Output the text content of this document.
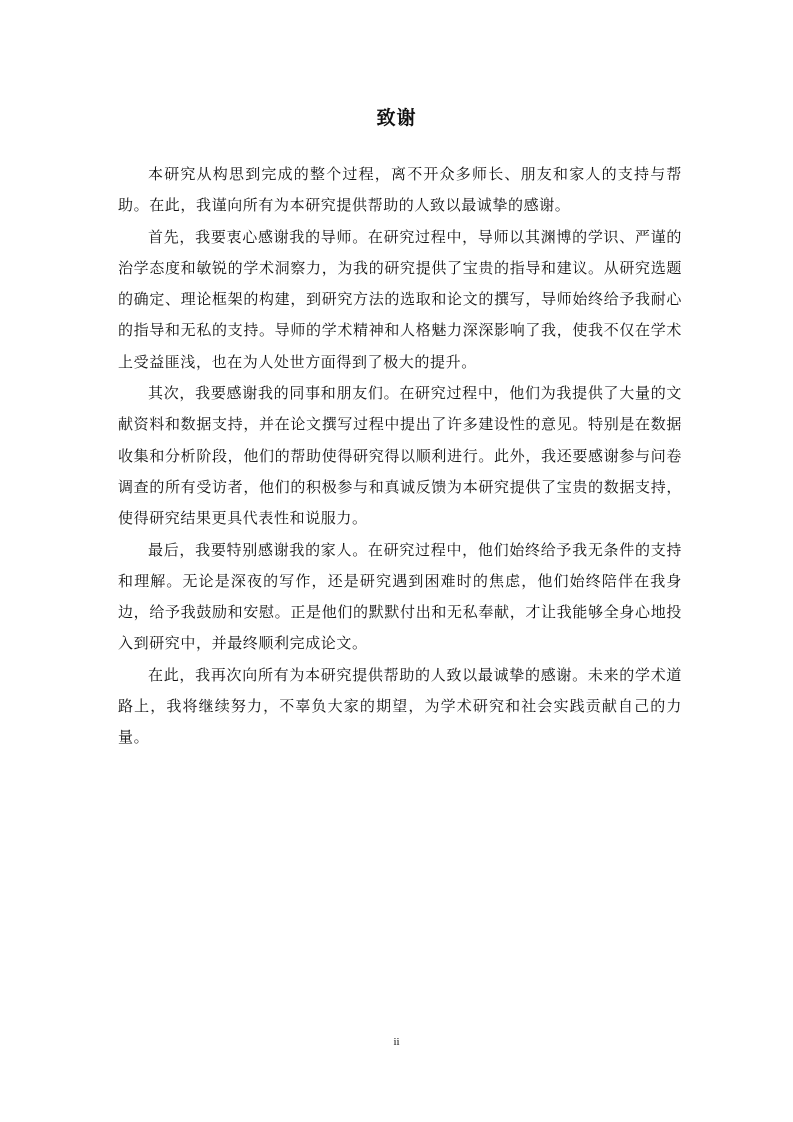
致谢

本研究从构思到完成的整个过程，离不开众多师长、朋友和家人的支持与帮助。在此，我谨向所有为本研究提供帮助的人致以最诚挚的感谢。

首先，我要衷心感谢我的导师。在研究过程中，导师以其渊博的学识、严谨的治学态度和敏锐的学术洞察力，为我的研究提供了宝贵的指导和建议。从研究选题的确定、理论框架的构建，到研究方法的选取和论文的撰写，导师始终给予我耐心的指导和无私的支持。导师的学术精神和人格魅力深深影响了我，使我不仅在学术上受益匪浅，也在为人处世方面得到了极大的提升。

其次，我要感谢我的同事和朋友们。在研究过程中，他们为我提供了大量的文献资料和数据支持，并在论文撰写过程中提出了许多建设性的意见。特别是在数据收集和分析阶段，他们的帮助使得研究得以顺利进行。此外，我还要感谢参与问卷调查的所有受访者，他们的积极参与和真诚反馈为本研究提供了宝贵的数据支持，使得研究结果更具代表性和说服力。

最后，我要特别感谢我的家人。在研究过程中，他们始终给予我无条件的支持和理解。无论是深夜的写作，还是研究遇到困难时的焦虑，他们始终陪伴在我身边，给予我鼓励和安慰。正是他们的默默付出和无私奉献，才让我能够全身心地投入到研究中，并最终顺利完成论文。

在此，我再次向所有为本研究提供帮助的人致以最诚挚的感谢。未来的学术道路上，我将继续努力，不辜负大家的期望，为学术研究和社会实践贡献自己的力量。

ii
